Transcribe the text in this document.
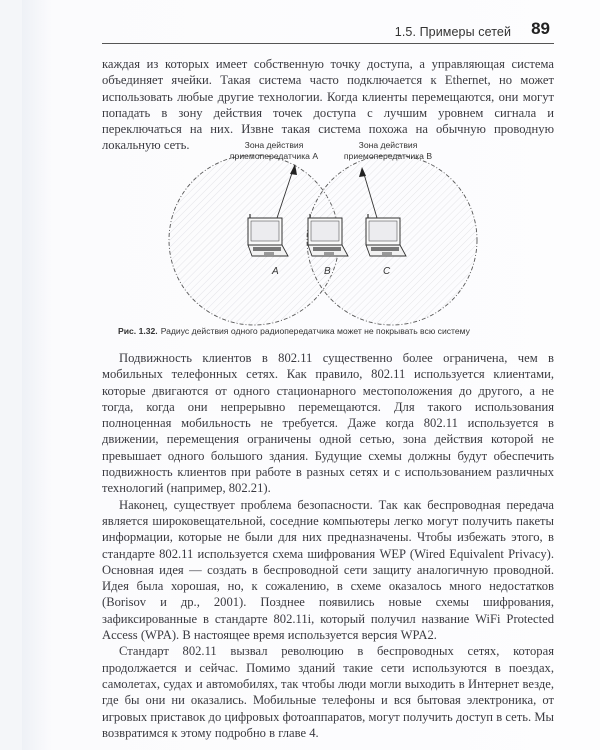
1.5. Примеры сетей 89

каждая из которых имеет собственную точку доступа, а управляющая система объединяет ячейки. Такая система часто подключается к Ethernet, но может использовать любые другие технологии. Когда клиенты перемещаются, они могут попадать в зону действия точек доступа с лучшим уровнем сигнала и переключаться на них. Извне такая система похожа на обычную проводную локальную сеть.	Зона действия
приемопередатчика A
Зона действия
приемопередатчика B
A	B	C
Рис. 1.32. Радиус действия одного радиопередатчика может не покрывать всю систему

Подвижность клиентов в 802.11 существенно более ограничена, чем в мобильных телефонных сетях. Как правило, 802.11 используется клиентами, которые двигаются от одного стационарного местоположения до другого, а не тогда, когда они непрерывно перемещаются. Для такого использования полноценная мобильность не требуется. Даже когда 802.11 используется в движении, перемещения ограничены одной сетью, зона действия которой не превышает одного большого здания. Будущие схемы должны будут обеспечить подвижность клиентов при работе в разных сетях и с использованием различных технологий (например, 802.21).

Наконец, существует проблема безопасности. Так как беспроводная передача является широковещательной, соседние компьютеры легко могут получить пакеты информации, которые не были для них предназначены. Чтобы избежать этого, в стандарте 802.11 используется схема шифрования WEP (Wired Equivalent Privacy). Основная идея — создать в беспроводной сети защиту аналогичную проводной. Идея была хорошая, но, к сожалению, в схеме оказалось много недостатков (Borisov и др., 2001). Позднее появились новые схемы шифрования, зафиксированные в стандарте 802.11i, который получил название WiFi Protected Access (WPA). В настоящее время используется версия WPA2.

Стандарт 802.11 вызвал революцию в беспроводных сетях, которая продолжается и сейчас. Помимо зданий такие сети используются в поездах, самолетах, судах и автомобилях, так чтобы люди могли выходить в Интернет везде, где бы они ни оказались. Мобильные телефоны и вся бытовая электроника, от игровых приставок до цифровых фотоаппаратов, могут получить доступ в сеть. Мы возвратимся к этому подробно в главе 4.
